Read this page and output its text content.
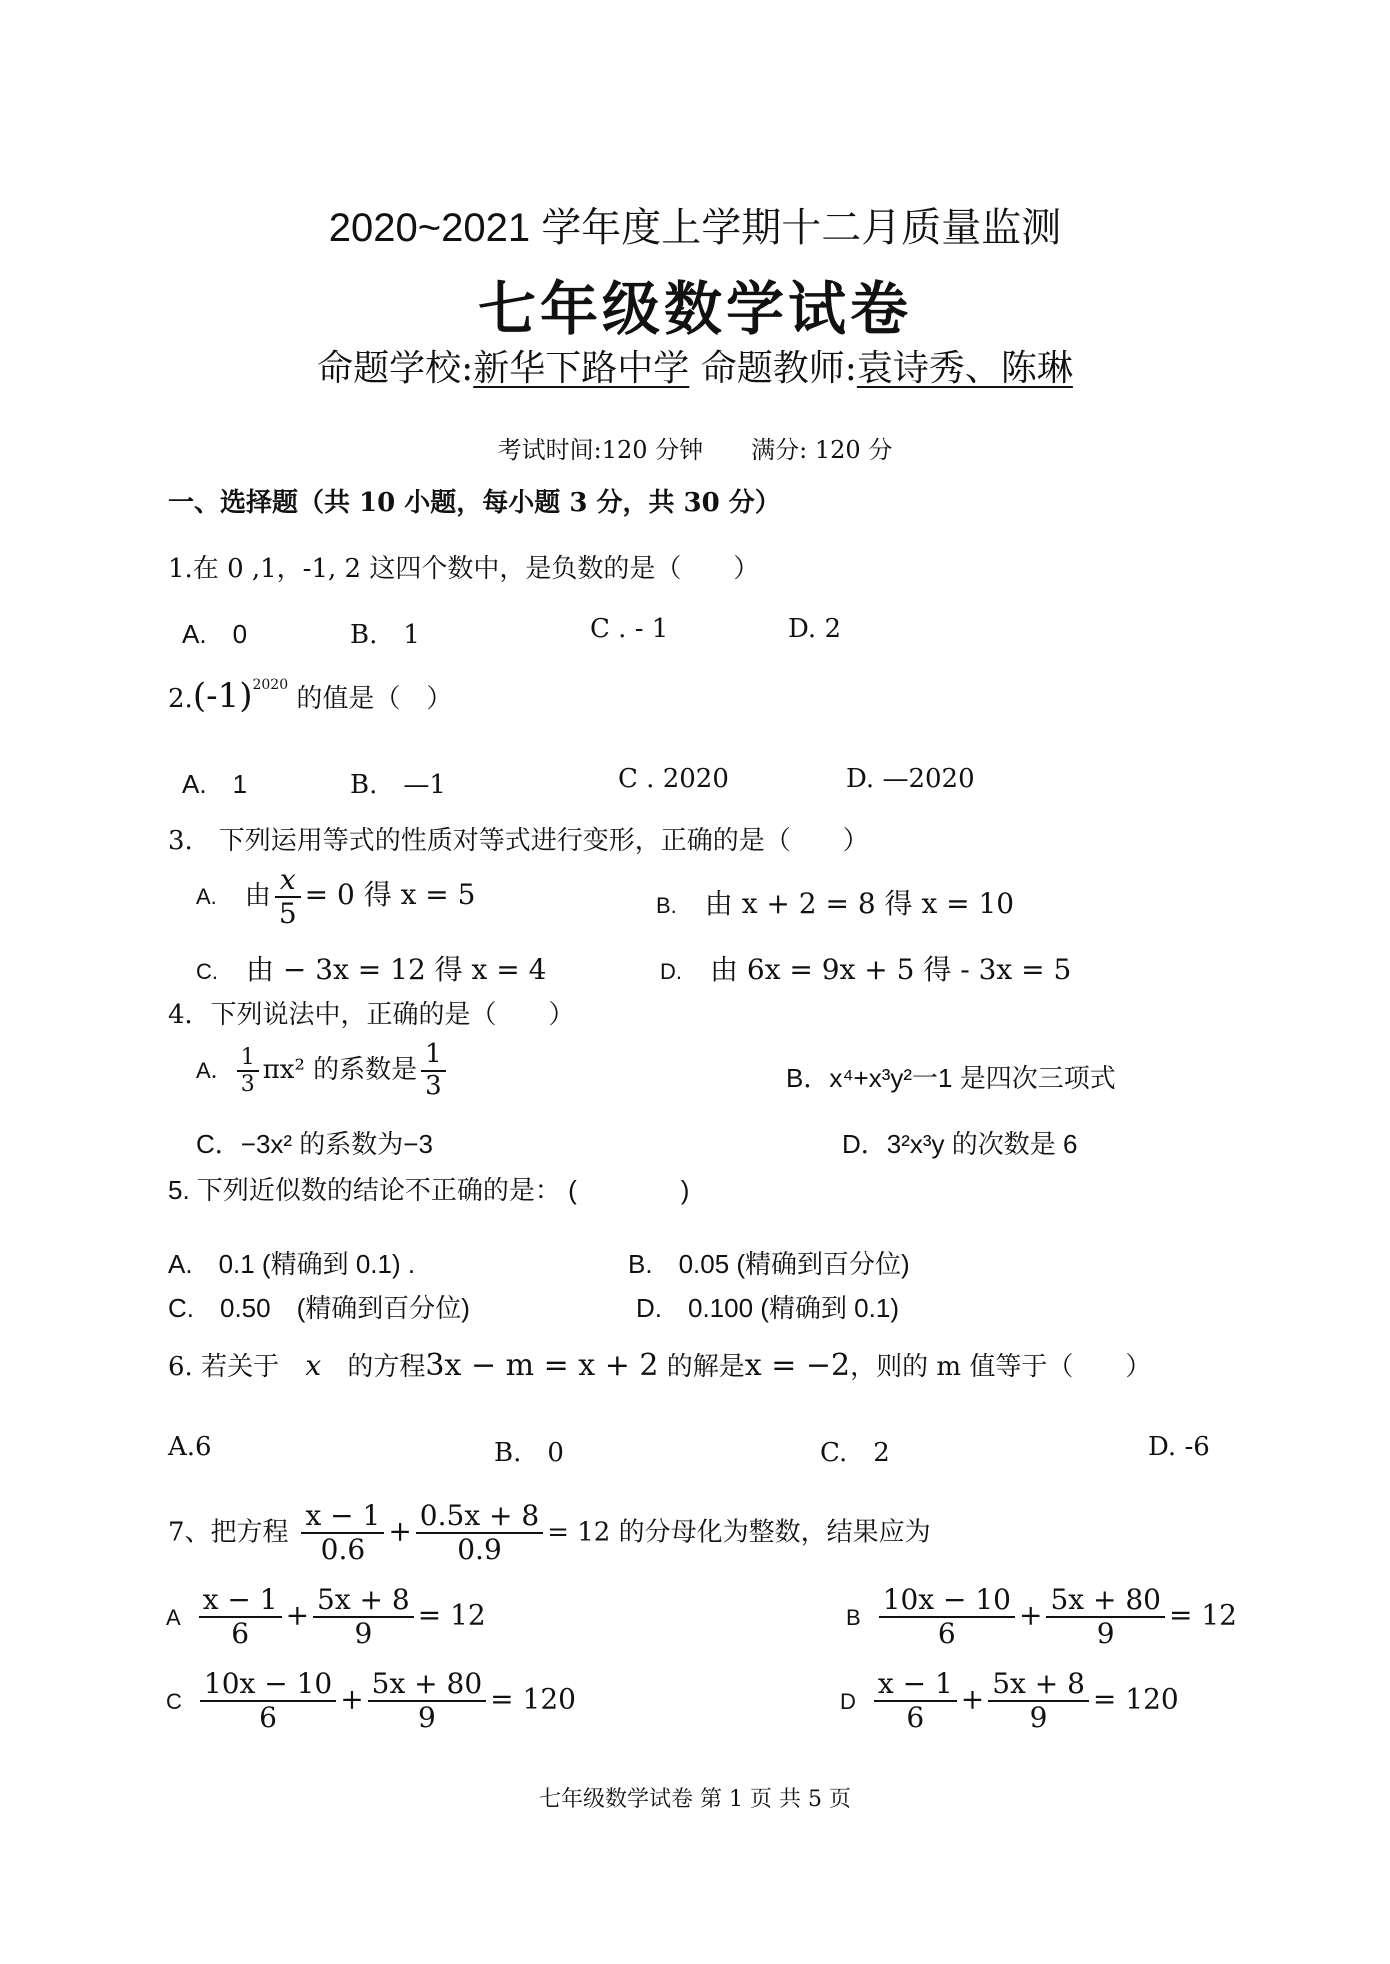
2020~2021 学年度上学期十二月质量监测
七年级数学试卷
命题学校:新华下路中学 命题教师:袁诗秀、陈琳
考试时间:120 分钟　　满分: 120 分
一、选择题（共 10 小题，每小题 3 分，共 30 分）
1.在 0 ,1，-1, 2 这四个数中，是负数的是（　　）
A.　0	B.　1	C . - 1	D. 2
$2.(-1)^{2020}$ 的值是（　）
A.　1	B.　—1	C . 2020	D. —2020
3.　下列运用等式的性质对等式进行变形，正确的是（　　）
A. 由 $\frac{x}{5} = 0$ 得 x = 5	B. 由 x + 2 = 8 得 x = 10
C. 由 − 3x = 12 得 x = 4	D. 由 6x = 9x + 5 得 - 3x = 5
4．下列说法中，正确的是（　　）
A． $\frac{1}{3} \pi x^2$ 的系数是 $\frac{1}{3}$	B．x⁴+x³y²一1 是四次三项式
C．−3x² 的系数为−3	D．3²x³y 的次数是 6
5. 下列近似数的结论不正确的是： (　　　　)
A.　0.1 (精确到 0.1) .	B.　0.05 (精确到百分位)
C.　0.50　(精确到百分位)	D.　0.100 (精确到 0.1)
6. 若关于 x 的方程3x − m = x + 2 的解是x = −2，则的 m 值等于（　　）
A.6	B.　0	C.　2	D. -6
7、把方程 $\frac{x - 1}{0.6} + \frac{0.5x + 8}{0.9} = 12$ 的分母化为整数，结果应为
A $\frac{x - 1}{6} + \frac{5x + 8}{9} = 12$	B $\frac{10x - 10}{6} + \frac{5x + 80}{9} = 12$
C $\frac{10x - 10}{6} + \frac{5x + 80}{9} = 120$	D $\frac{x - 1}{6} + \frac{5x + 8}{9} = 120$
七年级数学试卷 第 1 页 共 5 页
